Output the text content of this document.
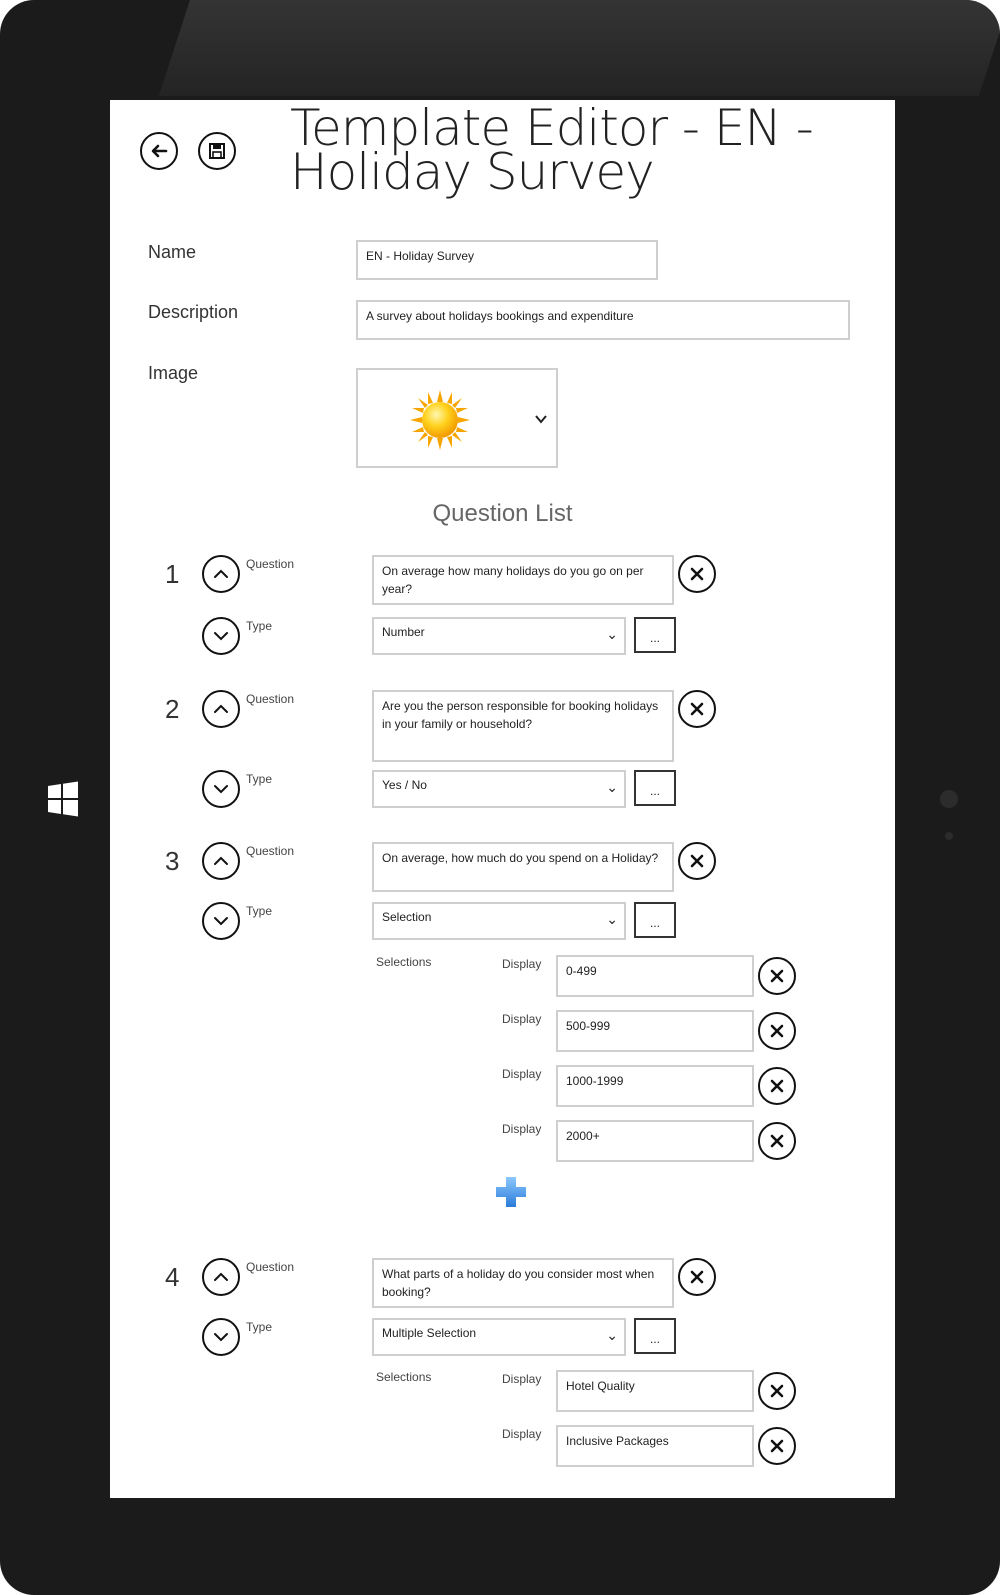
Template Editor - EN - Holiday Survey
Name	EN - Holiday Survey
Description	A survey about holidays bookings and expenditure
Image
Question List
1	Question	On average how many holidays do you go on per year?
Type	Number	⌄	...
2	Question	Are you the person responsible for booking holidays in your family or household?
Type	Yes / No	⌄	...
3	Question	On average, how much do you spend on a Holiday?
Type	Selection	⌄	...
Selections	Display	0-499
Display	500-999
Display	1000-1999
Display	2000+
4	Question	What parts of a holiday do you consider most when booking?
Type	Multiple Selection	⌄	...
Selections	Display	Hotel Quality
Display	Inclusive Packages
